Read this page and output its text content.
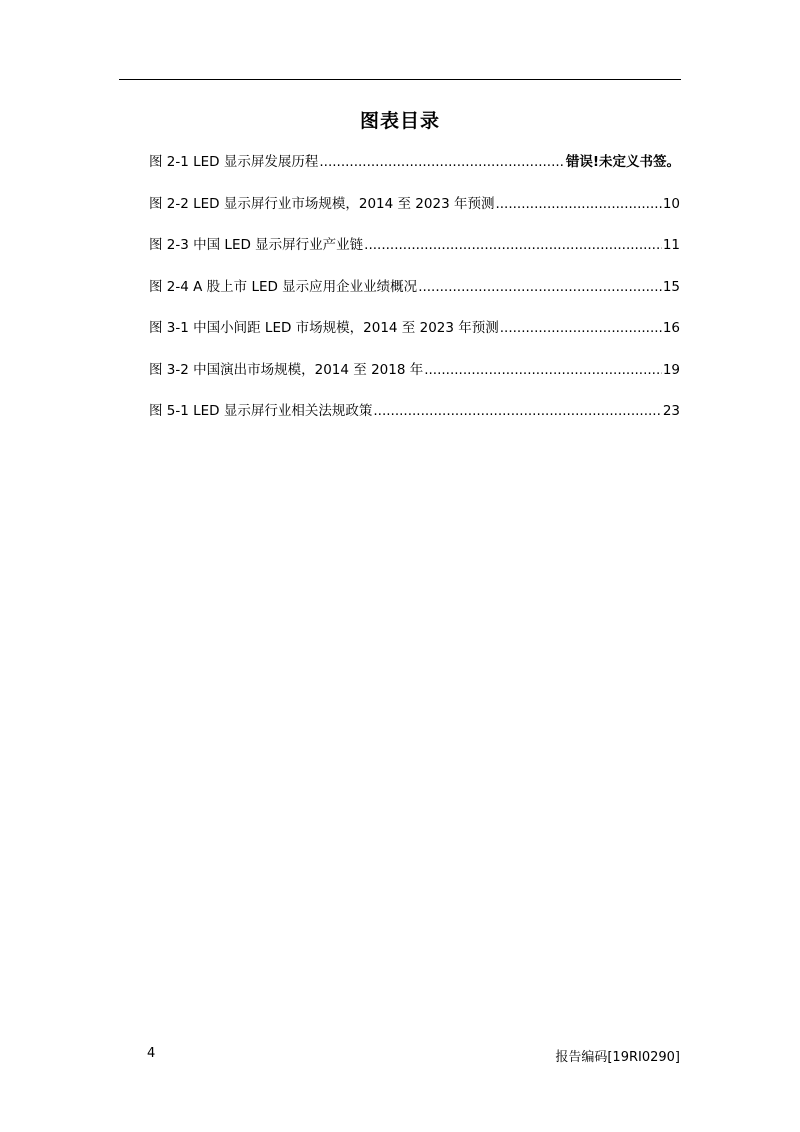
图表目录
图 2-1 LED 显示屏发展历程 .....	错误!未定义书签。
图 2-2 LED 显示屏行业市场规模，2014 至 2023 年预测 .....	10
图 2-3 中国 LED 显示屏行业产业链 .....	11
图 2-4 A 股上市 LED 显示应用企业业绩概况 .....	15
图 3-1 中国小间距 LED 市场规模，2014 至 2023 年预测 .....	16
图 3-2 中国演出市场规模，2014 至 2018 年 .....	19
图 5-1 LED 显示屏行业相关法规政策 .....	23
4	报告编码[19RI0290]
